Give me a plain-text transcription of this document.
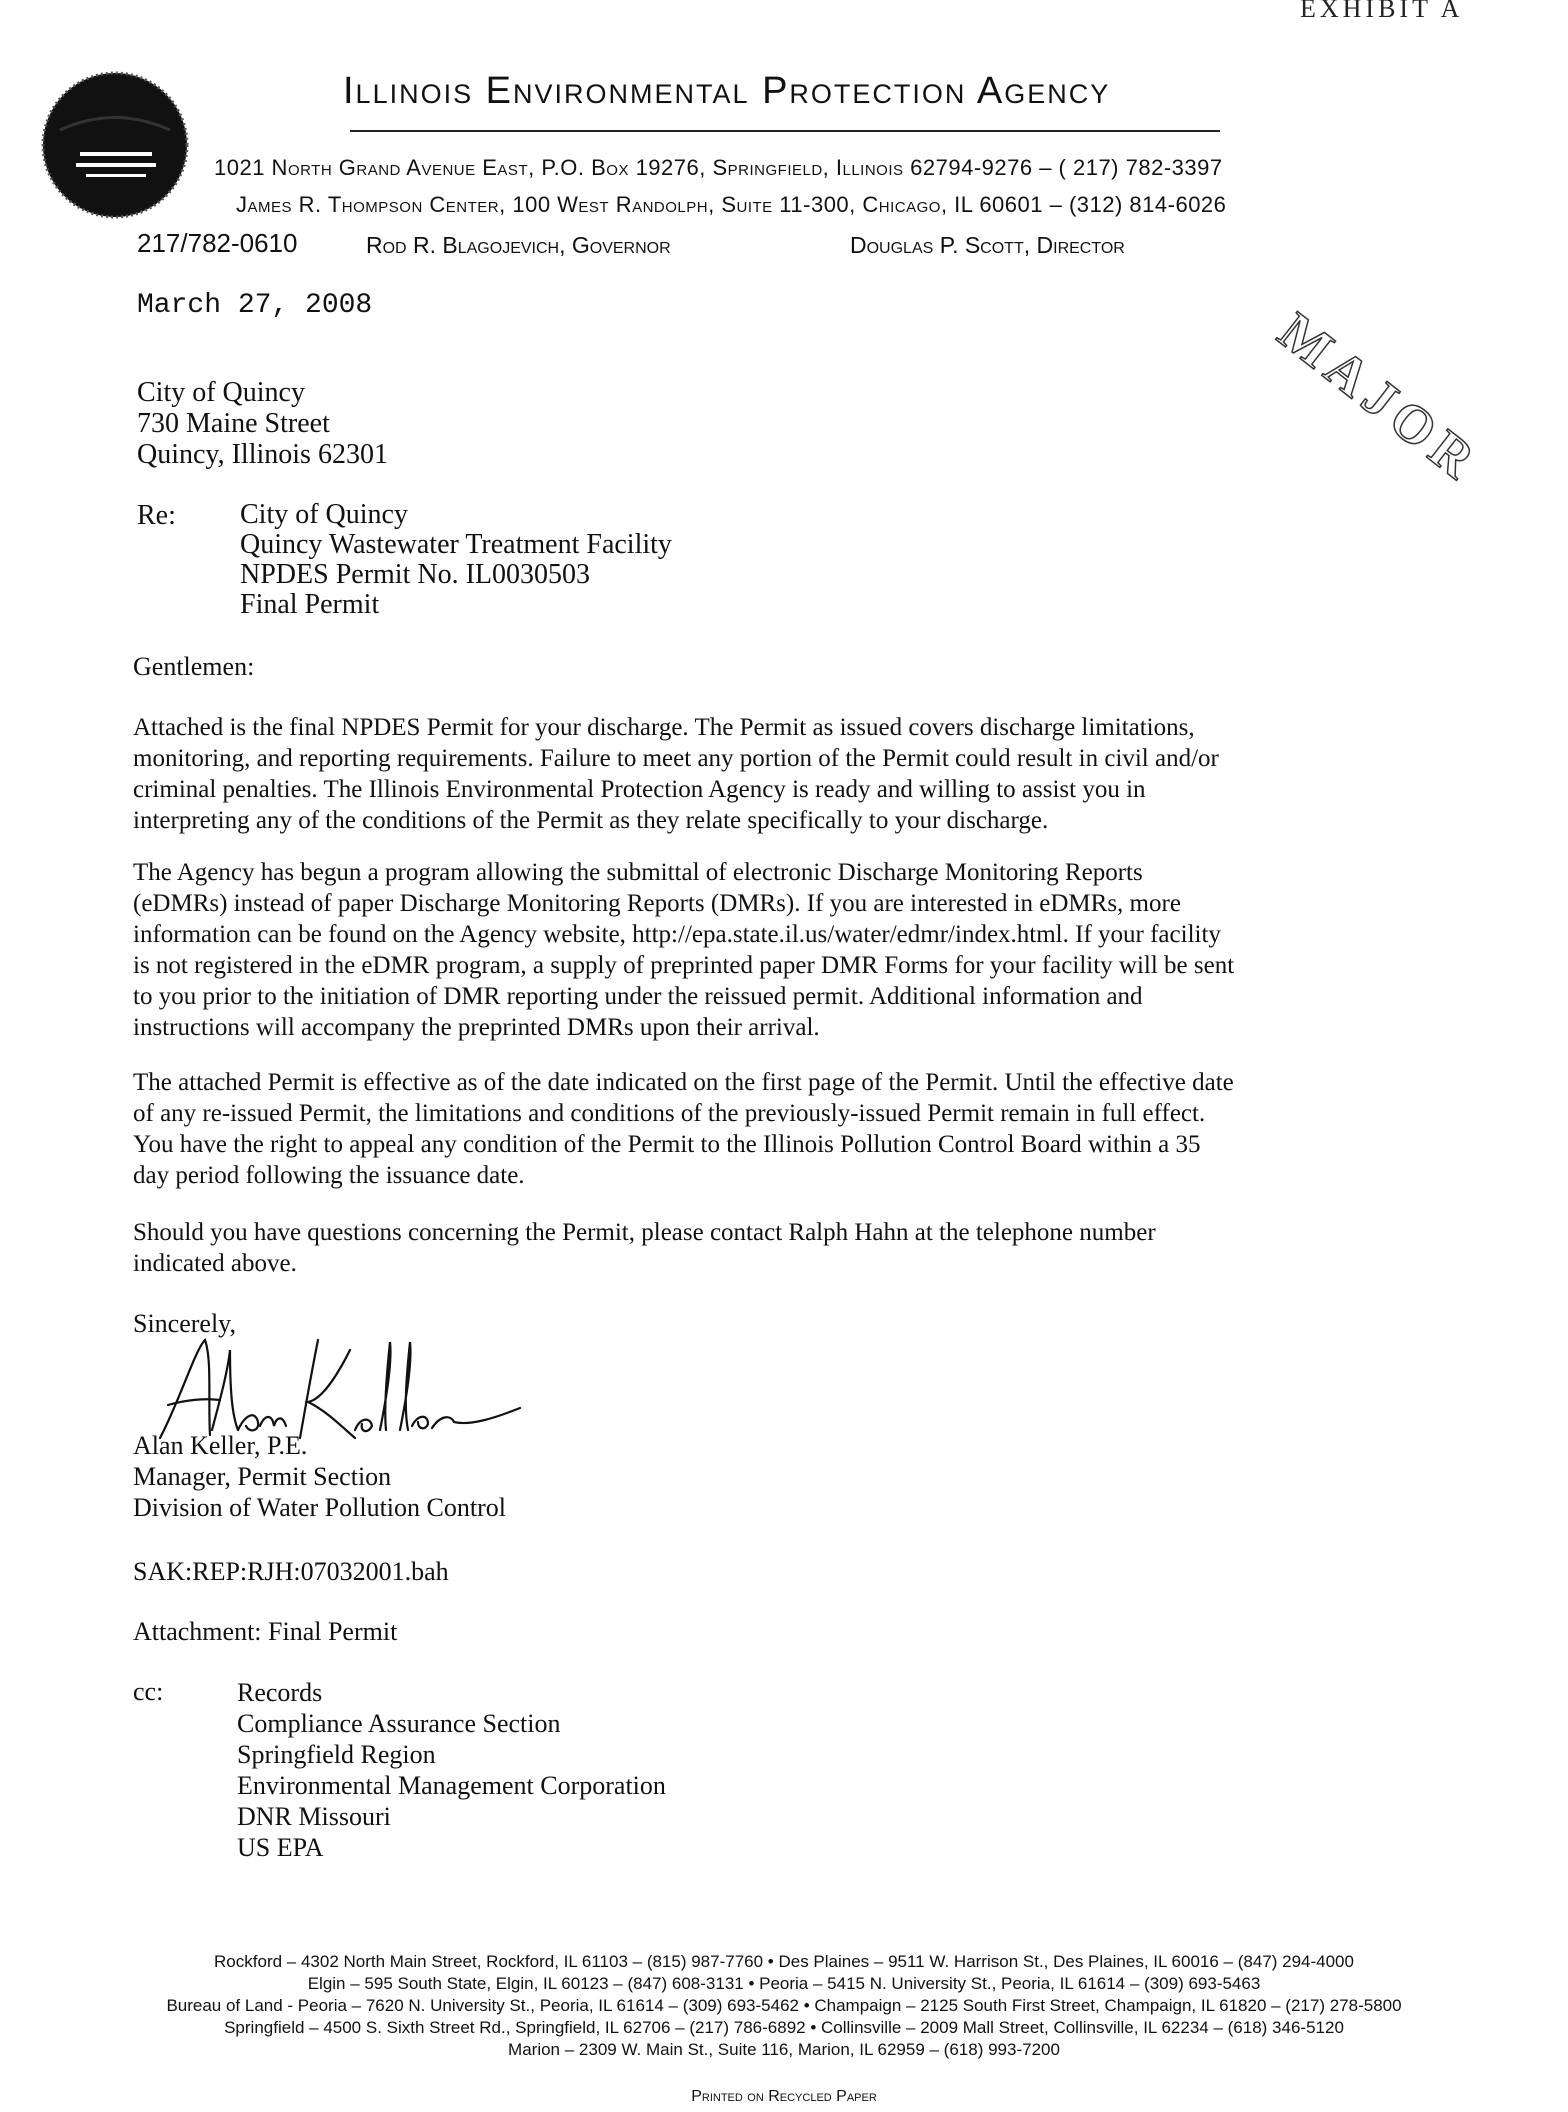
EXHIBIT A
Illinois Environmental Protection Agency
1021 North Grand Avenue East, P.O. Box 19276, Springfield, Illinois 62794-9276 – ( 217) 782-3397
James R. Thompson Center, 100 West Randolph, Suite 11-300, Chicago, IL 60601 – (312) 814-6026
217/782-0610	Rod R. Blagojevich, Governor	Douglas P. Scott, Director
March 27, 2008	MAJOR
City of Quincy
730 Maine Street
Quincy, Illinois 62301
Re: City of Quincy
Quincy Wastewater Treatment Facility
NPDES Permit No. IL0030503
Final Permit
Gentlemen:
Attached is the final NPDES Permit for your discharge. The Permit as issued covers discharge limitations,
monitoring, and reporting requirements. Failure to meet any portion of the Permit could result in civil and/or
criminal penalties. The Illinois Environmental Protection Agency is ready and willing to assist you in
interpreting any of the conditions of the Permit as they relate specifically to your discharge.
The Agency has begun a program allowing the submittal of electronic Discharge Monitoring Reports
(eDMRs) instead of paper Discharge Monitoring Reports (DMRs). If you are interested in eDMRs, more
information can be found on the Agency website, http://epa.state.il.us/water/edmr/index.html. If your facility
is not registered in the eDMR program, a supply of preprinted paper DMR Forms for your facility will be sent
to you prior to the initiation of DMR reporting under the reissued permit. Additional information and
instructions will accompany the preprinted DMRs upon their arrival.
The attached Permit is effective as of the date indicated on the first page of the Permit. Until the effective date
of any re-issued Permit, the limitations and conditions of the previously-issued Permit remain in full effect.
You have the right to appeal any condition of the Permit to the Illinois Pollution Control Board within a 35
day period following the issuance date.
Should you have questions concerning the Permit, please contact Ralph Hahn at the telephone number
indicated above.
Sincerely,
Alan Keller, P.E.
Manager, Permit Section
Division of Water Pollution Control
SAK:REP:RJH:07032001.bah
Attachment: Final Permit
cc:	Records
Compliance Assurance Section
Springfield Region
Environmental Management Corporation
DNR Missouri
US EPA
Rockford – 4302 North Main Street, Rockford, IL 61103 – (815) 987-7760 • Des Plaines – 9511 W. Harrison St., Des Plaines, IL 60016 – (847) 294-4000
Elgin – 595 South State, Elgin, IL 60123 – (847) 608-3131 • Peoria – 5415 N. University St., Peoria, IL 61614 – (309) 693-5463
Bureau of Land - Peoria – 7620 N. University St., Peoria, IL 61614 – (309) 693-5462 • Champaign – 2125 South First Street, Champaign, IL 61820 – (217) 278-5800
Springfield – 4500 S. Sixth Street Rd., Springfield, IL 62706 – (217) 786-6892 • Collinsville – 2009 Mall Street, Collinsville, IL 62234 – (618) 346-5120
Marion – 2309 W. Main St., Suite 116, Marion, IL 62959 – (618) 993-7200
Printed on Recycled Paper
